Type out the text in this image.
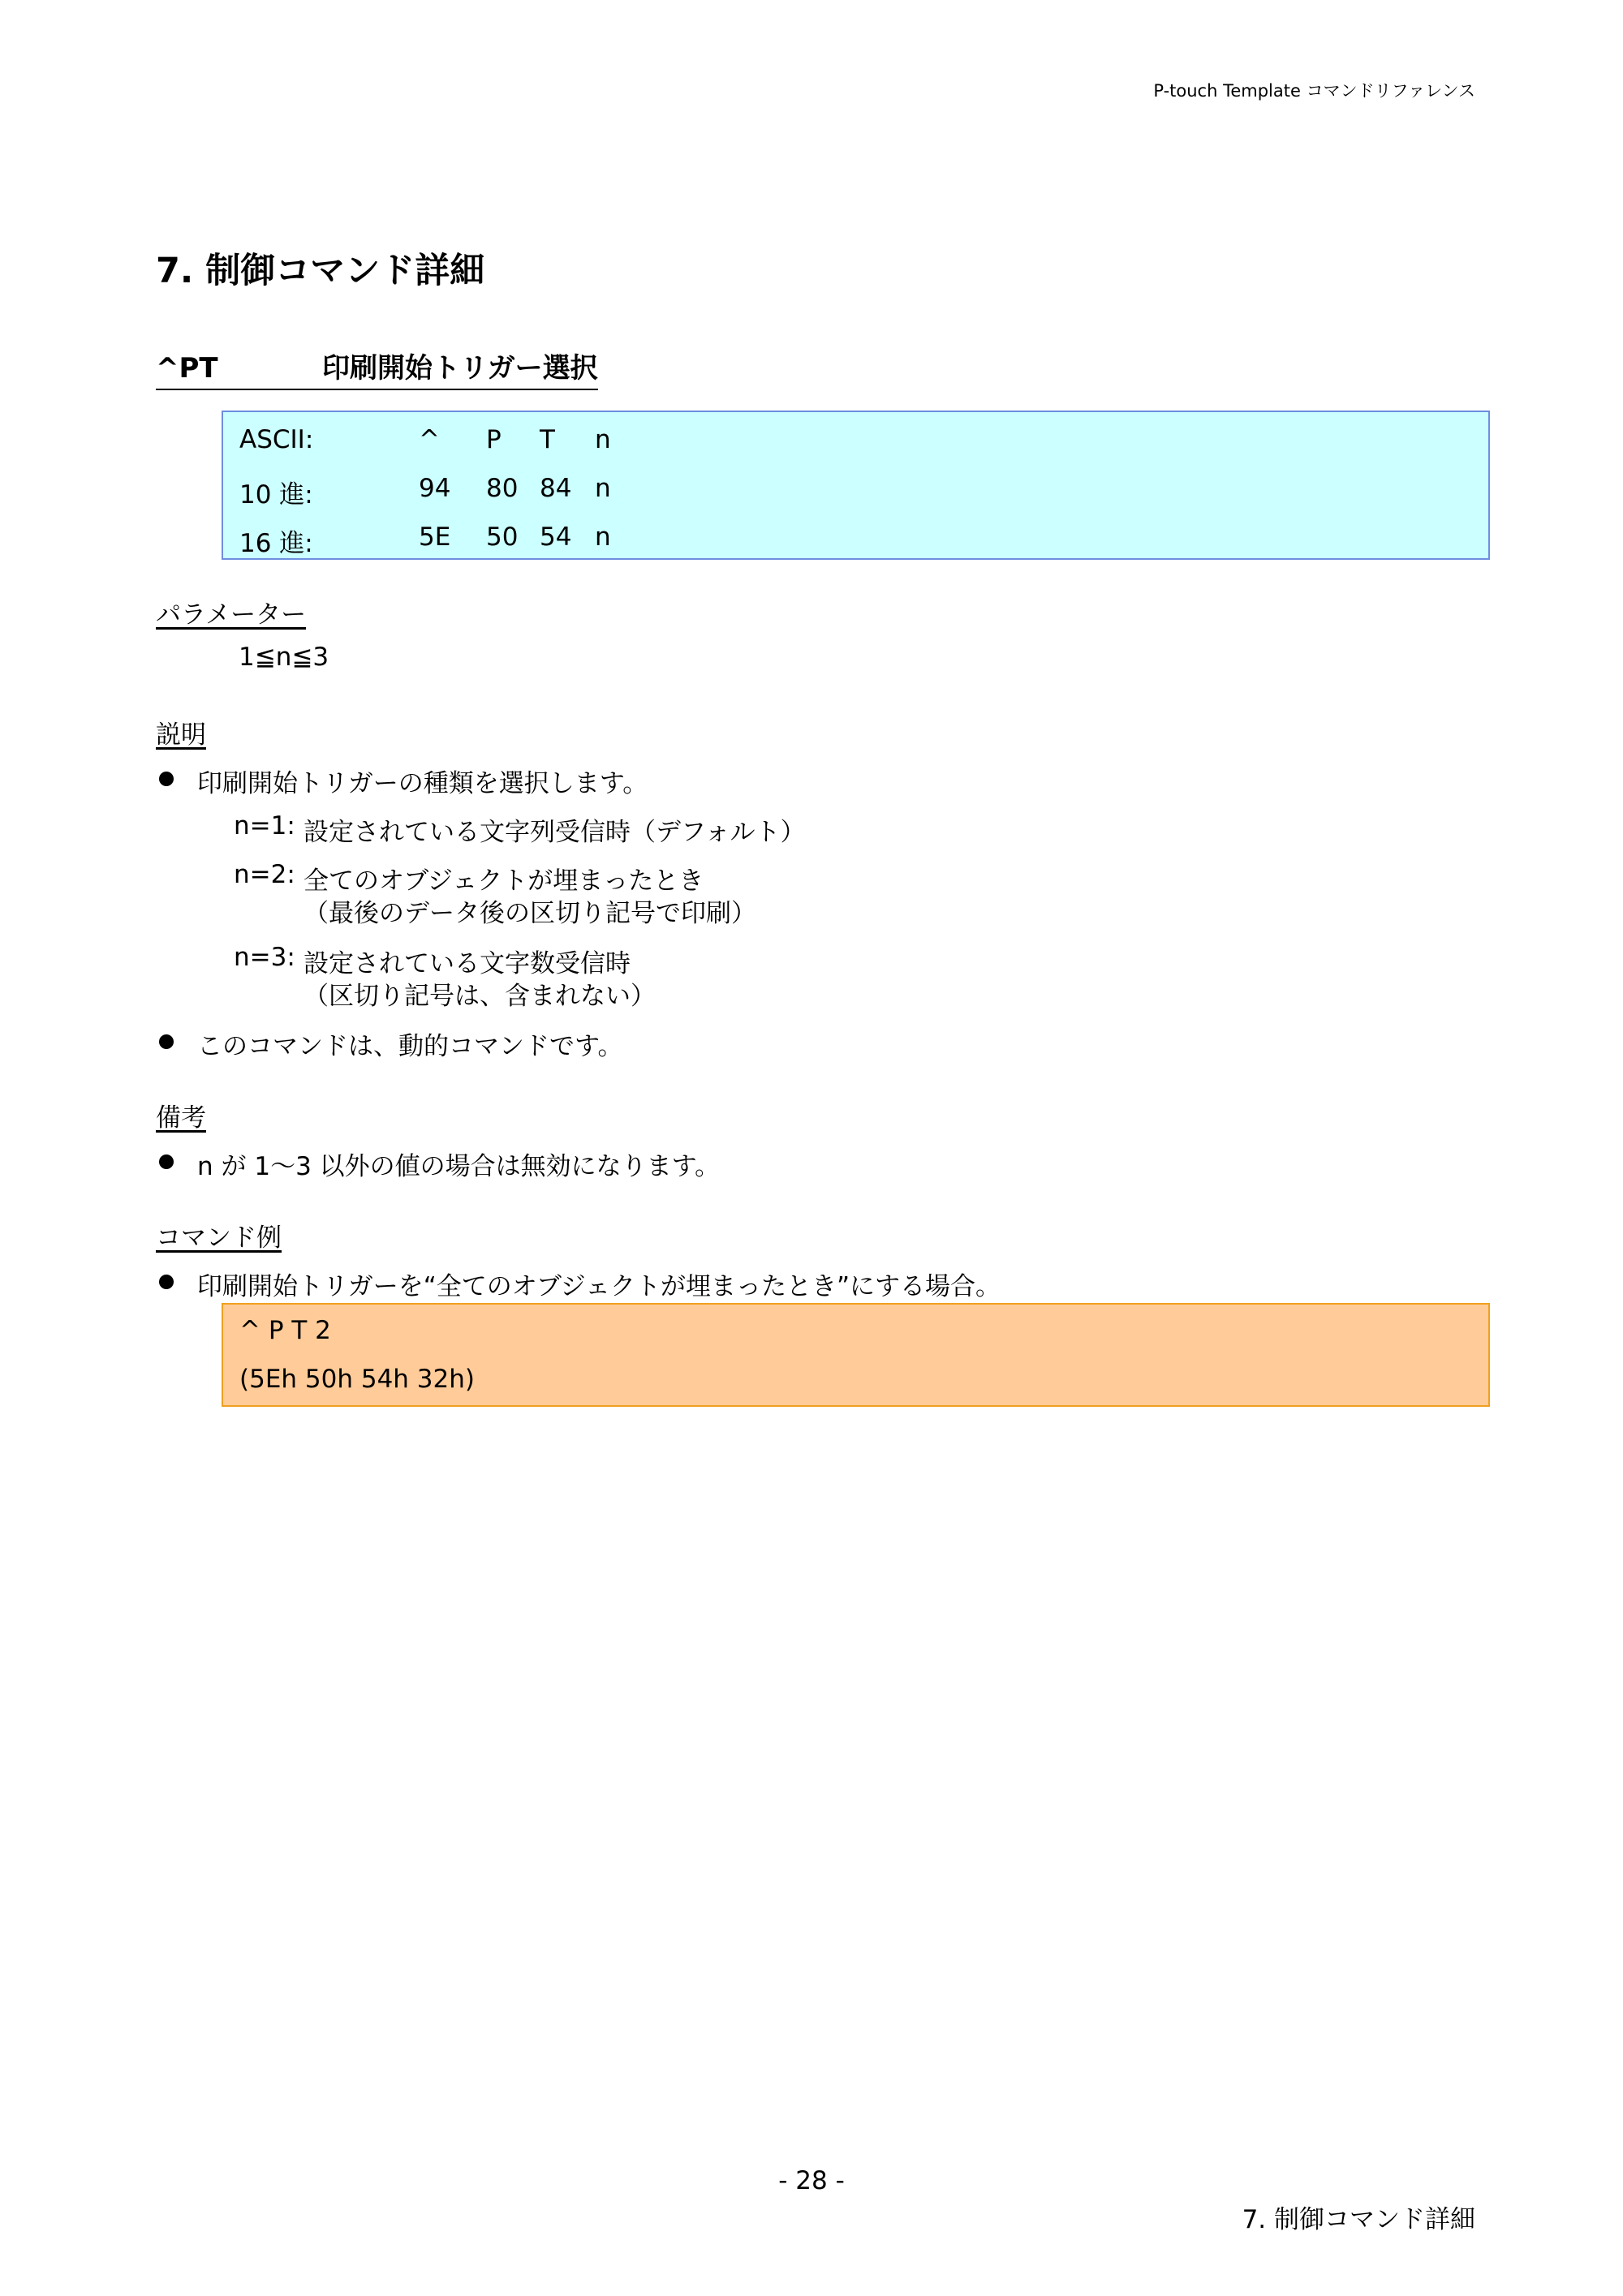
P-touch Template コマンドリファレンス
7. 制御コマンド詳細
^PT	印刷開始トリガー選択
ASCII:	^ P T n
10 進:	94 80 84 n
16 進:	5E 50 54 n
パラメーター
1≦n≦3
説明
印刷開始トリガーの種類を選択します。
n=1: 設定されている文字列受信時（デフォルト）
n=2: 全てのオブジェクトが埋まったとき
（最後のデータ後の区切り記号で印刷）
n=3: 設定されている文字数受信時
（区切り記号は、含まれない）
このコマンドは、動的コマンドです。
備考
n が 1～3 以外の値の場合は無効になります。
コマンド例
印刷開始トリガーを“全てのオブジェクトが埋まったとき”にする場合。
^ P T 2
(5Eh 50h 54h 32h)
- 28 -
7. 制御コマンド詳細
